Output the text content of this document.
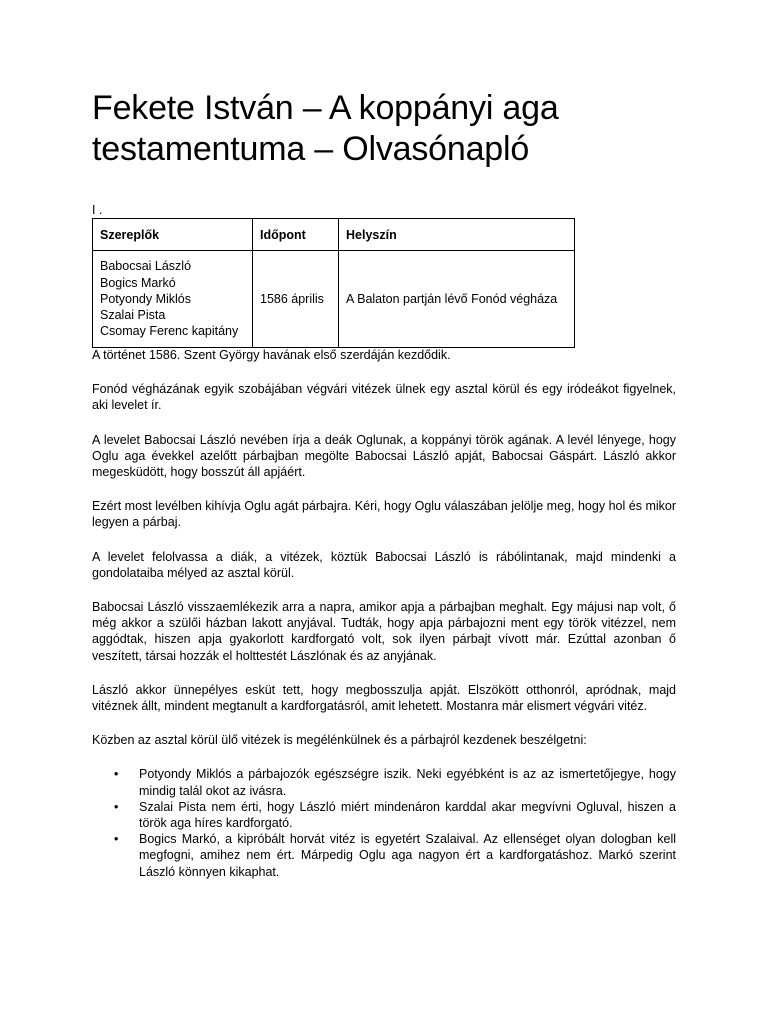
Fekete István – A koppányi aga testamentuma – Olvasónapló
I .
Szereplők	Időpont	Helyszín

Babocsai László
Bogics Markó
Potyondy Miklós
Szalai Pista
Csomay Ferenc kapitány	1586 április	A Balaton partján lévő Fonód végháza

A történet 1586. Szent György havának első szerdáján kezdődik.

Fonód végházának egyik szobájában végvári vitézek ülnek egy asztal körül és egy iródeákot figyelnek, aki levelet ír.

A levelet Babocsai László nevében írja a deák Oglunak, a koppányi török agának. A levél lényege, hogy Oglu aga évekkel azelőtt párbajban megölte Babocsai László apját, Babocsai Gáspárt. László akkor megesküdött, hogy bosszút áll apjáért.

Ezért most levélben kihívja Oglu agát párbajra. Kéri, hogy Oglu válaszában jelölje meg, hogy hol és mikor legyen a párbaj.

A levelet felolvassa a diák, a vitézek, köztük Babocsai László is rábólintanak, majd mindenki a gondolataiba mélyed az asztal körül.

Babocsai László visszaemlékezik arra a napra, amikor apja a párbajban meghalt. Egy májusi nap volt, ő még akkor a szülői házban lakott anyjával. Tudták, hogy apja párbajozni ment egy török vitézzel, nem aggódtak, hiszen apja gyakorlott kardforgató volt, sok ilyen párbajt vívott már. Ezúttal azonban ő veszített, társai hozzák el holttestét Lászlónak és az anyjának.

László akkor ünnepélyes esküt tett, hogy megbosszulja apját. Elszökött otthonról, apródnak, majd vitéznek állt, mindent megtanult a kardforgatásról, amit lehetett. Mostanra már elismert végvári vitéz.

Közben az asztal körül ülő vitézek is megélénkülnek és a párbajról kezdenek beszélgetni:

• Potyondy Miklós a párbajozók egészségre iszik. Neki egyébként is az az ismertetőjegye, hogy mindig talál okot az ivásra.
• Szalai Pista nem érti, hogy László miért mindenáron karddal akar megvívni Ogluval, hiszen a török aga híres kardforgató.
• Bogics Markó, a kipróbált horvát vitéz is egyetért Szalaival. Az ellenséget olyan dologban kell megfogni, amihez nem ért. Márpedig Oglu aga nagyon ért a kardforgatáshoz. Markó szerint László könnyen kikaphat.
